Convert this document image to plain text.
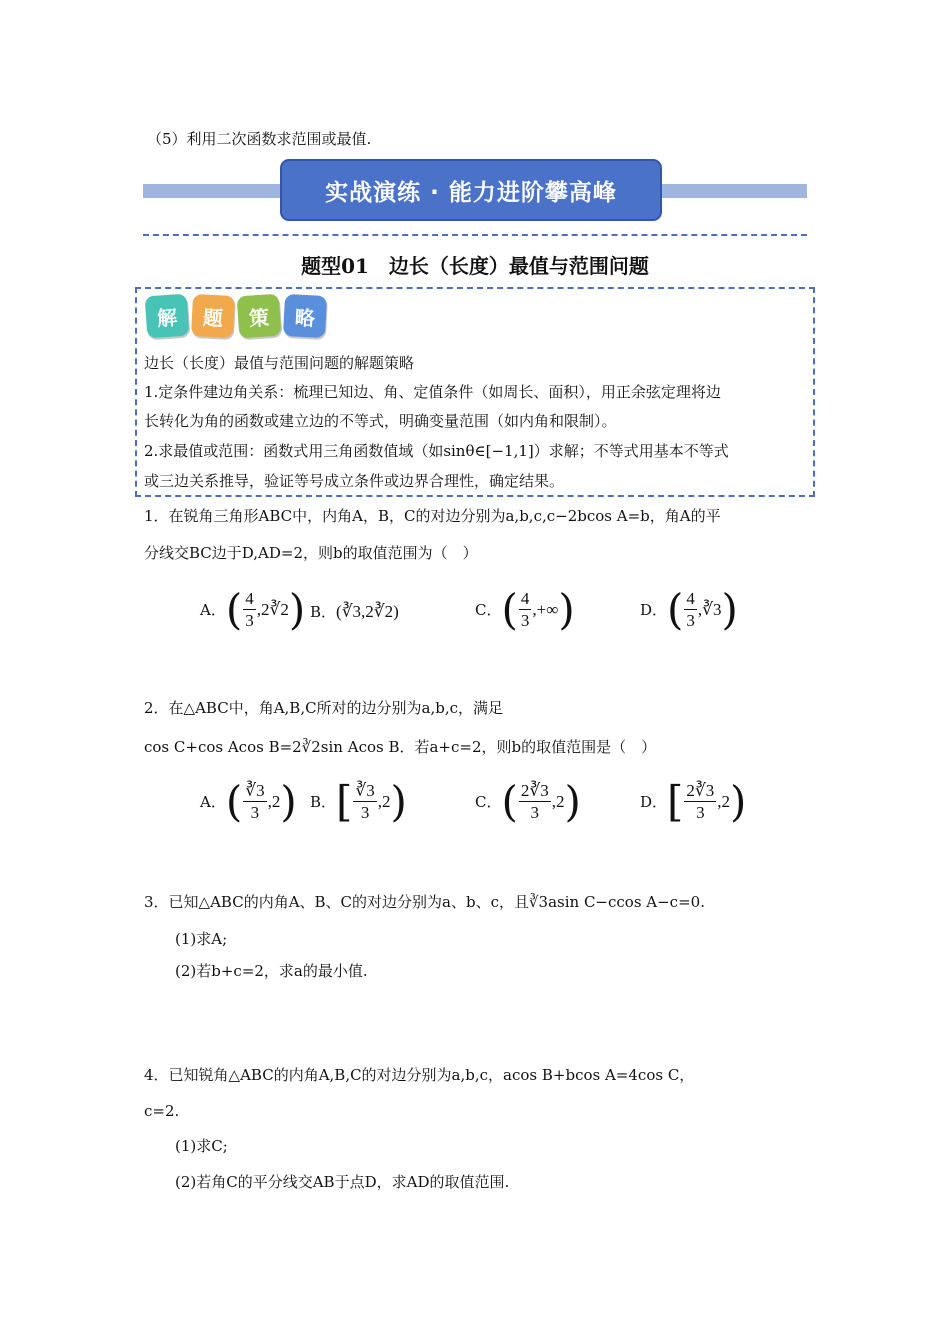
（5）利用二次函数求范围或最值.
实战演练 · 能力进阶攀高峰
题型01　边长（长度）最值与范围问题
解	题	策	略
边长（长度）最值与范围问题的解题策略
1.定条件建边角关系：梳理已知边、角、定值条件（如周长、面积），用正余弦定理将边
长转化为角的函数或建立边的不等式，明确变量范围（如内角和限制）。
2.求最值或范围：函数式用三角函数值域（如sinθ∈[−1,1]）求解；不等式用基本不等式
或三边关系推导，验证等号成立条件或边界合理性，确定结果。
1．在锐角三角形ABC中，内角A，B，C的对边分别为a,b,c,c−2bcos A=b，角A的平
分线交BC边于D,AD=2，则b的取值范围为（　）
A． ( $\frac{4}{3}$ ,2∛2 ) B． (∛3,2∛2)	C． ( $\frac{4}{3}$ ,+∞ )	D． ( $\frac{4}{3}$ ,∛3 )
2．在△ABC中，角A,B,C所对的边分别为a,b,c，满足
cos C+cos Acos B=2∛2sin Acos B．若a+c=2，则b的取值范围是（　）
A． ( $\frac{∛3}{3} ,2$ ) B． [ $\frac{∛3}{3} ,2$ )	C． ( $\frac{2∛3}{3} ,2$ )	D． [ $\frac{2∛3}{3} ,2$ )
3．已知△ABC的内角A、B、C的对边分别为a、b、c，且∛3asin C−ccos A−c=0.
(1)求A;
(2)若b+c=2，求a的最小值.
4．已知锐角△ABC的内角A,B,C的对边分别为a,b,c，acos B+bcos A=4cos C，
c=2.
(1)求C;
(2)若角C的平分线交AB于点D，求AD的取值范围.
